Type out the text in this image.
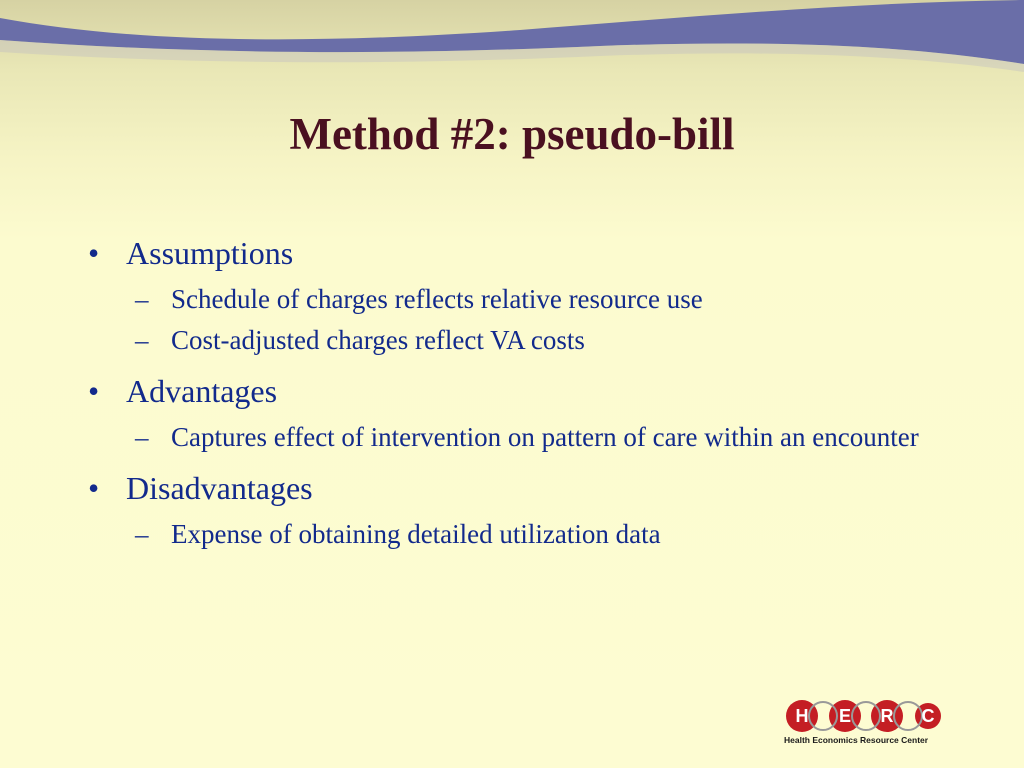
Method #2: pseudo-bill
• Assumptions
– Schedule of charges reflects relative resource use
– Cost-adjusted charges reflect VA costs
• Advantages
– Captures effect of intervention on pattern of care within an encounter
• Disadvantages
– Expense of obtaining detailed utilization data
H E R C
Health Economics Resource Center
